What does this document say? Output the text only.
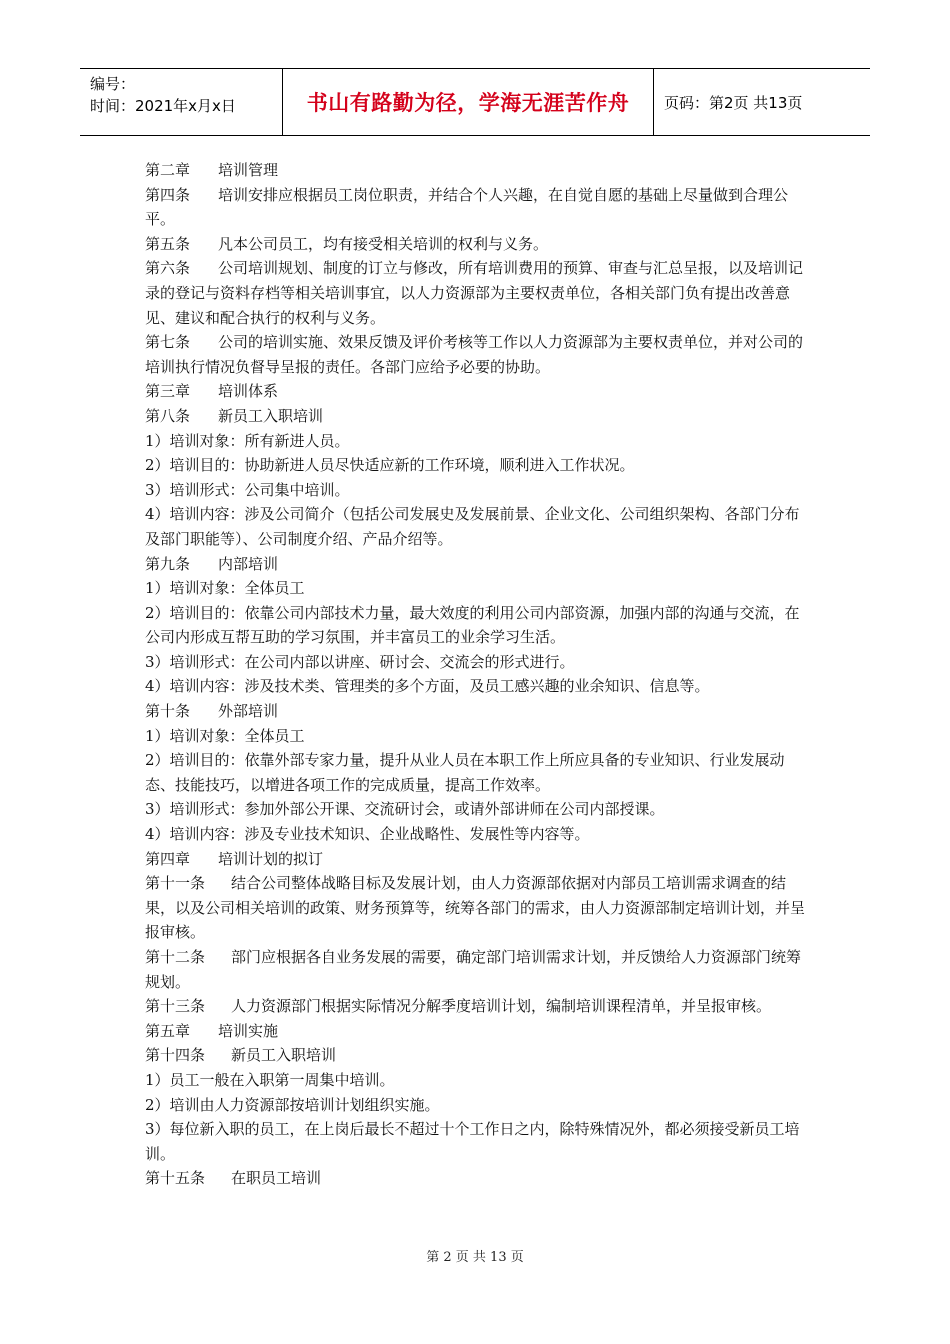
编号：
时间：2021年x月x日	书山有路勤为径，学海无涯苦作舟 页码：第2页 共13页

第二章 培训管理

第四条 培训安排应根据员工岗位职责，并结合个人兴趣，在自觉自愿的基础上尽量做到合理公平。

第五条 凡本公司员工，均有接受相关培训的权利与义务。

第六条 公司培训规划、制度的订立与修改，所有培训费用的预算、审查与汇总呈报，以及培训记录的登记与资料存档等相关培训事宜，以人力资源部为主要权责单位，各相关部门负有提出改善意见、建议和配合执行的权利与义务。

第七条 公司的培训实施、效果反馈及评价考核等工作以人力资源部为主要权责单位，并对公司的培训执行情况负督导呈报的责任。各部门应给予必要的协助。

第三章 培训体系

第八条 新员工入职培训

1）培训对象：所有新进人员。

2）培训目的：协助新进人员尽快适应新的工作环境，顺利进入工作状况。

3）培训形式：公司集中培训。

4）培训内容：涉及公司简介（包括公司发展史及发展前景、企业文化、公司组织架构、各部门分布及部门职能等）、公司制度介绍、产品介绍等。

第九条 内部培训

1）培训对象：全体员工

2）培训目的：依靠公司内部技术力量，最大效度的利用公司内部资源，加强内部的沟通与交流，在公司内形成互帮互助的学习氛围，并丰富员工的业余学习生活。

3）培训形式：在公司内部以讲座、研讨会、交流会的形式进行。

4）培训内容：涉及技术类、管理类的多个方面，及员工感兴趣的业余知识、信息等。

第十条 外部培训

1）培训对象：全体员工

2）培训目的：依靠外部专家力量，提升从业人员在本职工作上所应具备的专业知识、行业发展动态、技能技巧，以增进各项工作的完成质量，提高工作效率。

3）培训形式：参加外部公开课、交流研讨会，或请外部讲师在公司内部授课。

4）培训内容：涉及专业技术知识、企业战略性、发展性等内容等。

第四章 培训计划的拟订

第十一条 结合公司整体战略目标及发展计划，由人力资源部依据对内部员工培训需求调查的结果，以及公司相关培训的政策、财务预算等，统筹各部门的需求，由人力资源部制定培训计划，并呈报审核。

第十二条 部门应根据各自业务发展的需要，确定部门培训需求计划，并反馈给人力资源部门统筹规划。

第十三条 人力资源部门根据实际情况分解季度培训计划，编制培训课程清单，并呈报审核。

第五章 培训实施

第十四条 新员工入职培训

1）员工一般在入职第一周集中培训。

2）培训由人力资源部按培训计划组织实施。

3）每位新入职的员工，在上岗后最长不超过十个工作日之内，除特殊情况外，都必须接受新员工培训。

第十五条 在职员工培训

第 2 页 共 13 页
